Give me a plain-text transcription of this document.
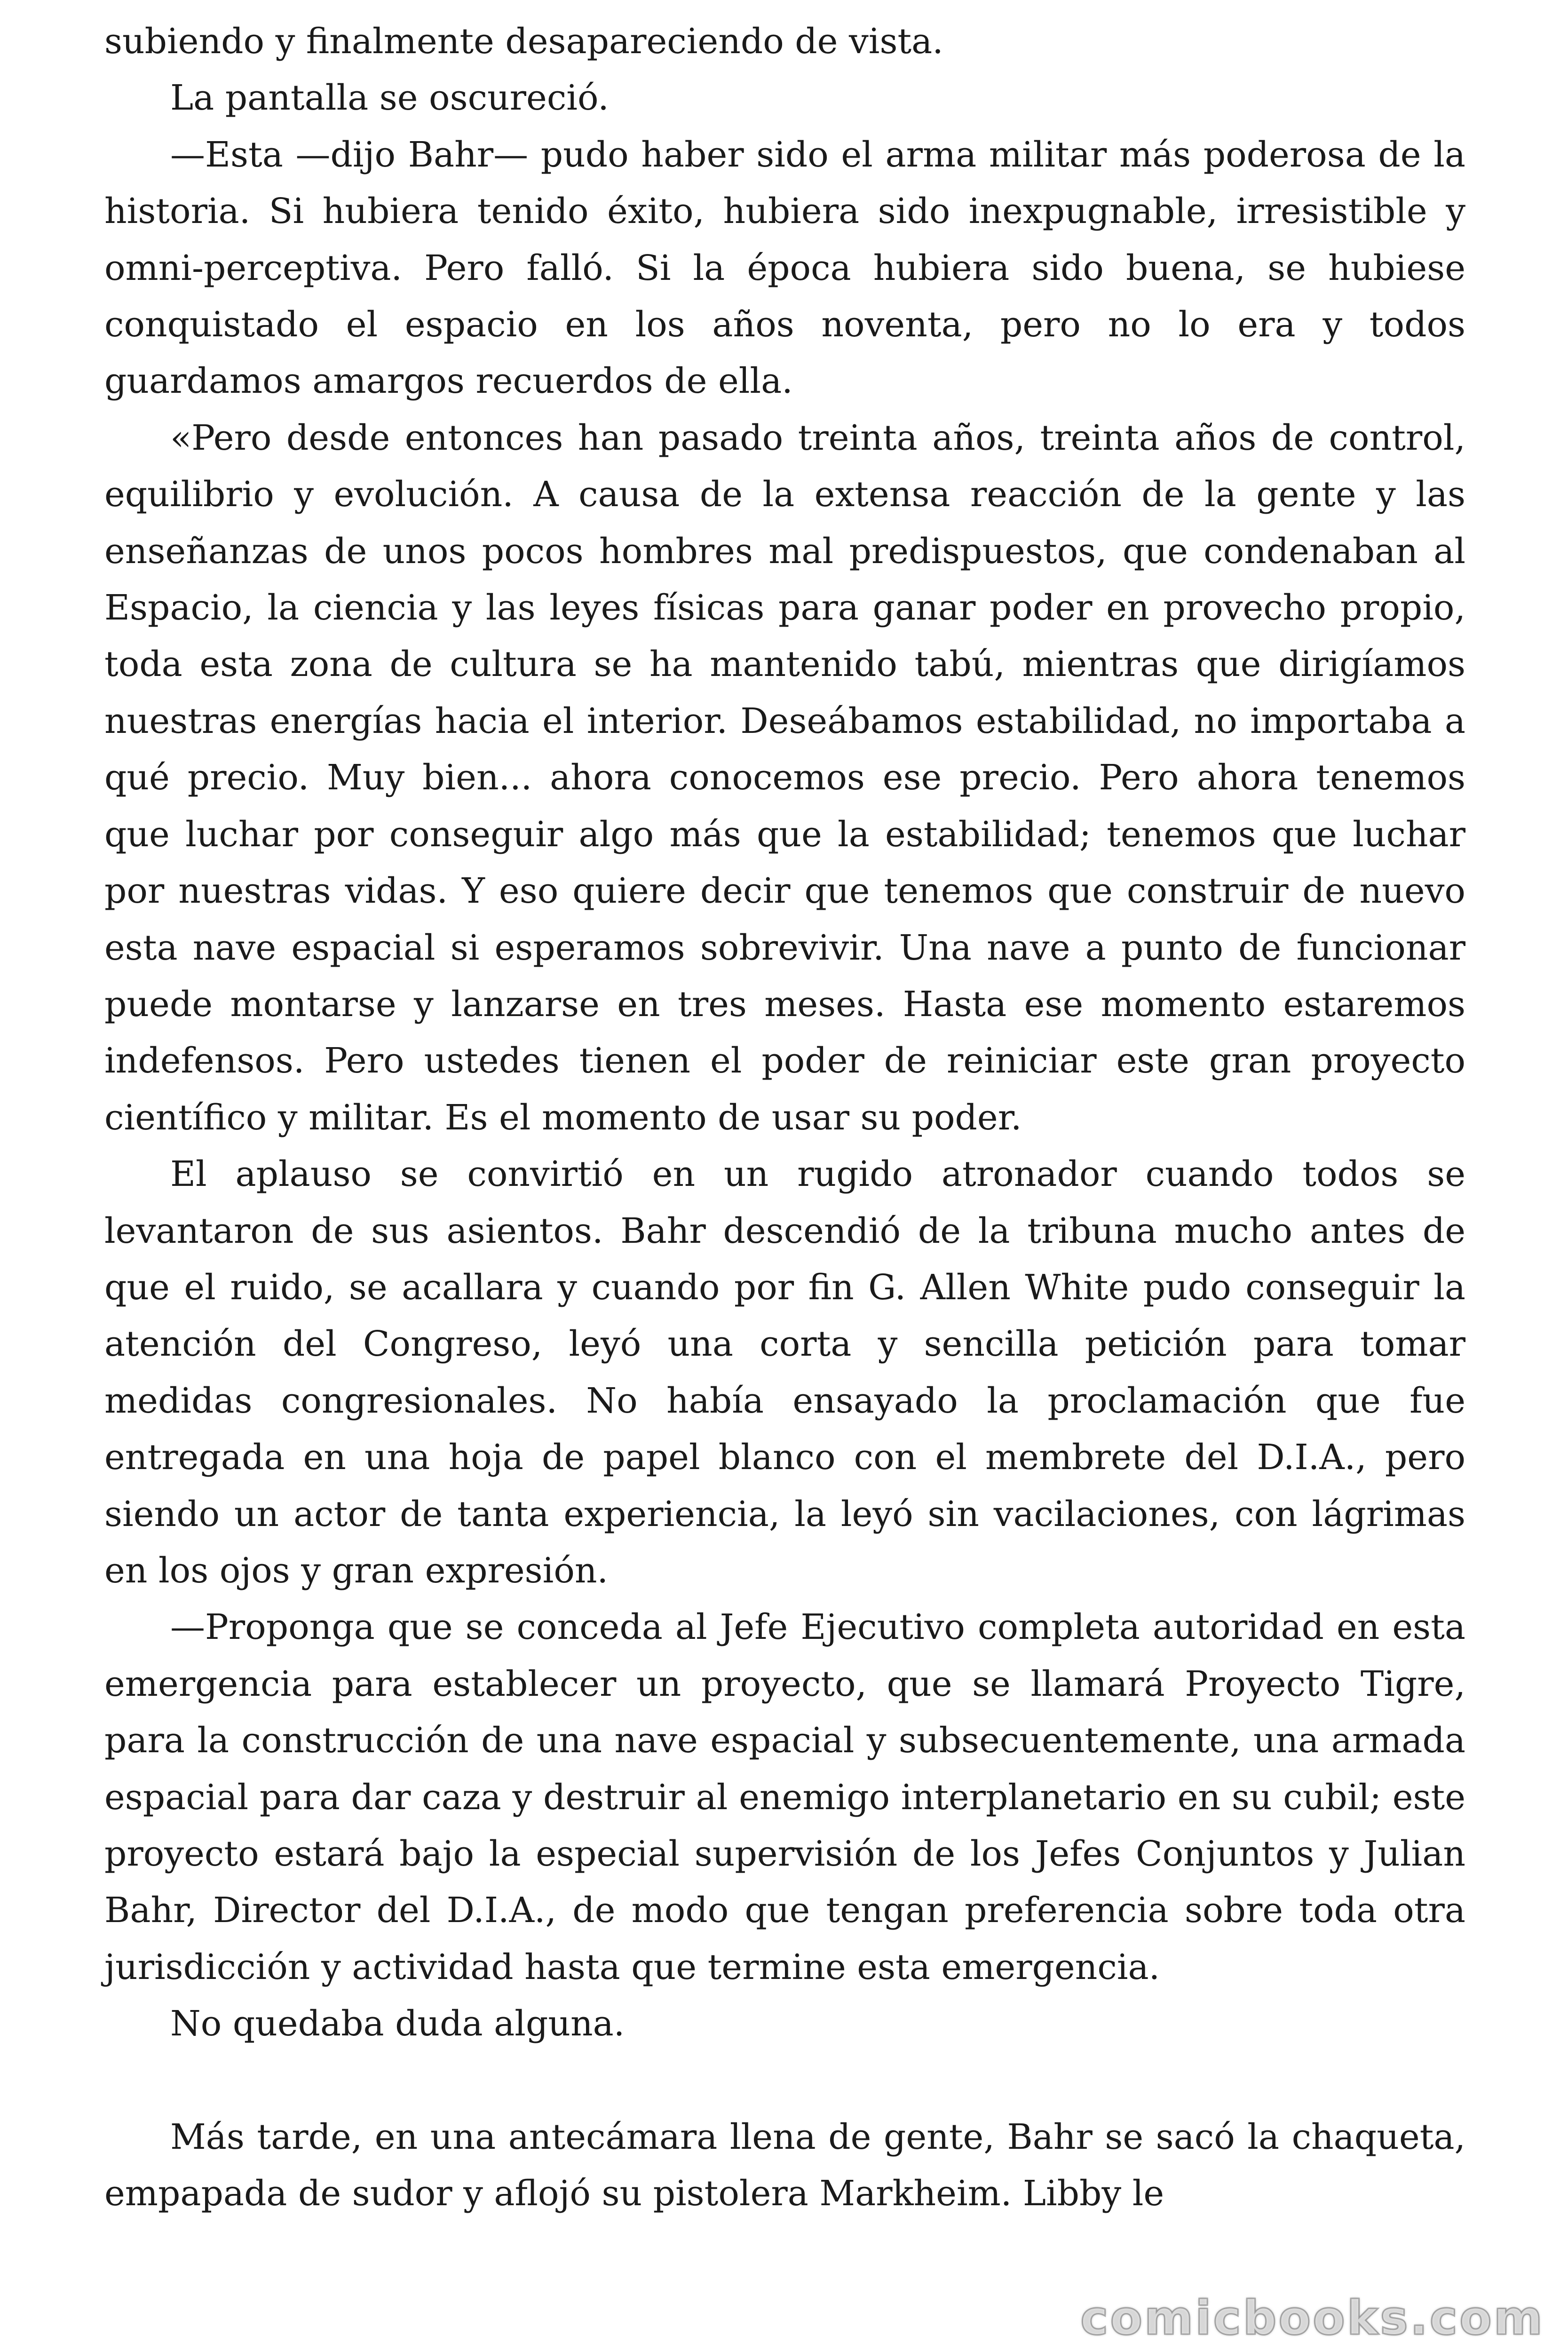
subiendo y finalmente desapareciendo de vista.

La pantalla se oscureció.

—Esta —dijo Bahr— pudo haber sido el arma militar más poderosa de la historia. Si hubiera tenido éxito, hubiera sido inexpugnable, irresistible y omni-perceptiva. Pero falló. Si la época hubiera sido buena, se hubiese conquistado el espacio en los años noventa, pero no lo era y todos guardamos amargos recuerdos de ella.

«Pero desde entonces han pasado treinta años, treinta años de control, equilibrio y evolución. A causa de la extensa reacción de la gente y las enseñanzas de unos pocos hombres mal predispuestos, que condenaban al Espacio, la ciencia y las leyes físicas para ganar poder en provecho propio, toda esta zona de cultura se ha mantenido tabú, mientras que dirigíamos nuestras energías hacia el interior. Deseábamos estabilidad, no importaba a qué precio. Muy bien... ahora conocemos ese precio. Pero ahora tenemos que luchar por conseguir algo más que la estabilidad; tenemos que luchar por nuestras vidas. Y eso quiere decir que tenemos que construir de nuevo esta nave espacial si esperamos sobrevivir. Una nave a punto de funcionar puede montarse y lanzarse en tres meses. Hasta ese momento estaremos indefensos. Pero ustedes tienen el poder de reiniciar este gran proyecto científico y militar. Es el momento de usar su poder.

El aplauso se convirtió en un rugido atronador cuando todos se levantaron de sus asientos. Bahr descendió de la tribuna mucho antes de que el ruido, se acallara y cuando por fin G. Allen White pudo conseguir la atención del Congreso, leyó una corta y sencilla petición para tomar medidas congresionales. No había ensayado la proclamación que fue entregada en una hoja de papel blanco con el membrete del D.I.A., pero siendo un actor de tanta experiencia, la leyó sin vacilaciones, con lágrimas en los ojos y gran expresión.

—Proponga que se conceda al Jefe Ejecutivo completa autoridad en esta emergencia para establecer un proyecto, que se llamará Proyecto Tigre, para la construcción de una nave espacial y subsecuentemente, una armada espacial para dar caza y destruir al enemigo interplanetario en su cubil; este proyecto estará bajo la especial supervisión de los Jefes Conjuntos y Julian Bahr, Director del D.I.A., de modo que tengan preferencia sobre toda otra jurisdicción y actividad hasta que termine esta emergencia.

No quedaba duda alguna.

Más tarde, en una antecámara llena de gente, Bahr se sacó la chaqueta, empapada de sudor y aflojó su pistolera Markheim. Libby le

comicbooks.com
